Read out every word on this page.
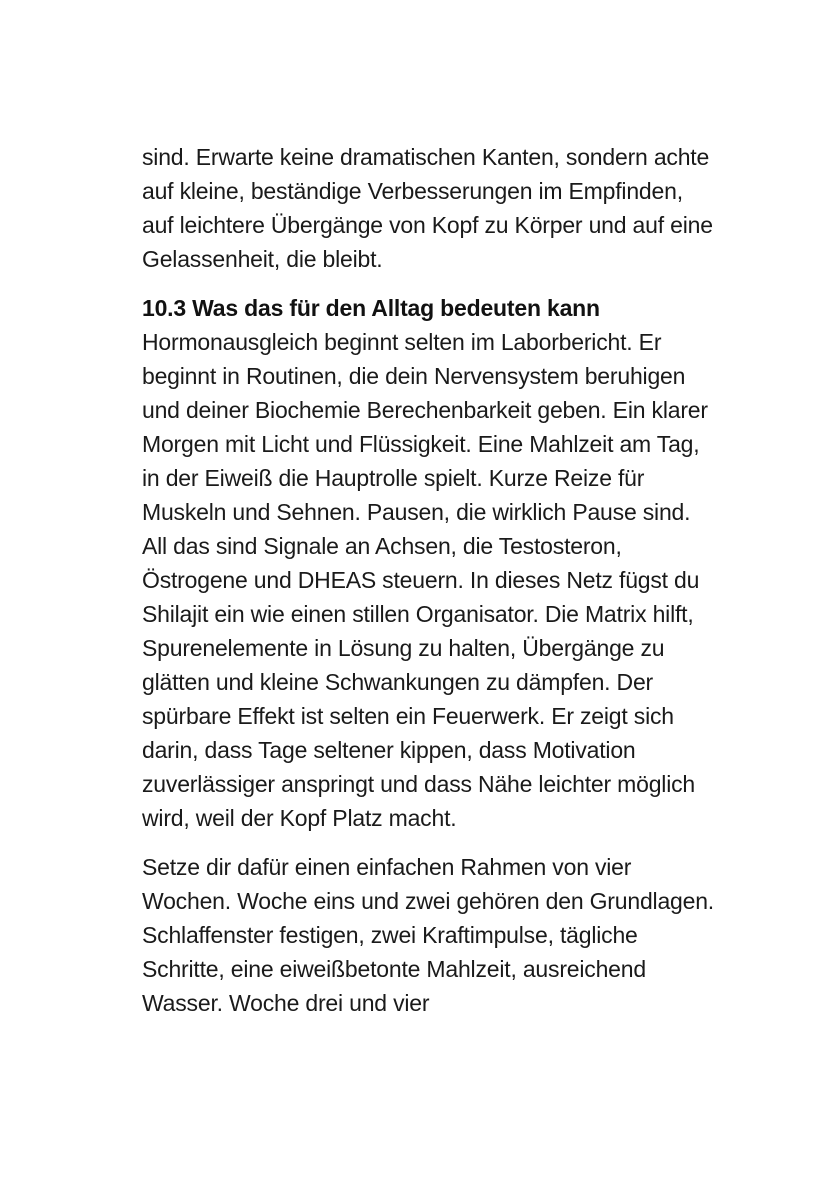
sind. Erwarte keine dramatischen Kanten, sondern achte auf kleine, beständige Verbesserungen im Empfinden, auf leichtere Übergänge von Kopf zu Körper und auf eine Gelassenheit, die bleibt.

10.3 Was das für den Alltag bedeuten kann

Hormonausgleich beginnt selten im Laborbericht. Er beginnt in Routinen, die dein Nervensystem beruhigen und deiner Biochemie Berechenbarkeit geben. Ein klarer Morgen mit Licht und Flüssigkeit. Eine Mahlzeit am Tag, in der Eiweiß die Hauptrolle spielt. Kurze Reize für Muskeln und Sehnen. Pausen, die wirklich Pause sind. All das sind Signale an Achsen, die Testosteron, Östrogene und DHEAS steuern. In dieses Netz fügst du Shilajit ein wie einen stillen Organisator. Die Matrix hilft, Spurenelemente in Lösung zu halten, Übergänge zu glätten und kleine Schwankungen zu dämpfen. Der spürbare Effekt ist selten ein Feuerwerk. Er zeigt sich darin, dass Tage seltener kippen, dass Motivation zuverlässiger anspringt und dass Nähe leichter möglich wird, weil der Kopf Platz macht.

Setze dir dafür einen einfachen Rahmen von vier Wochen. Woche eins und zwei gehören den Grundlagen. Schlaffenster festigen, zwei Kraftimpulse, tägliche Schritte, eine eiweißbetonte Mahlzeit, ausreichend Wasser. Woche drei und vier
